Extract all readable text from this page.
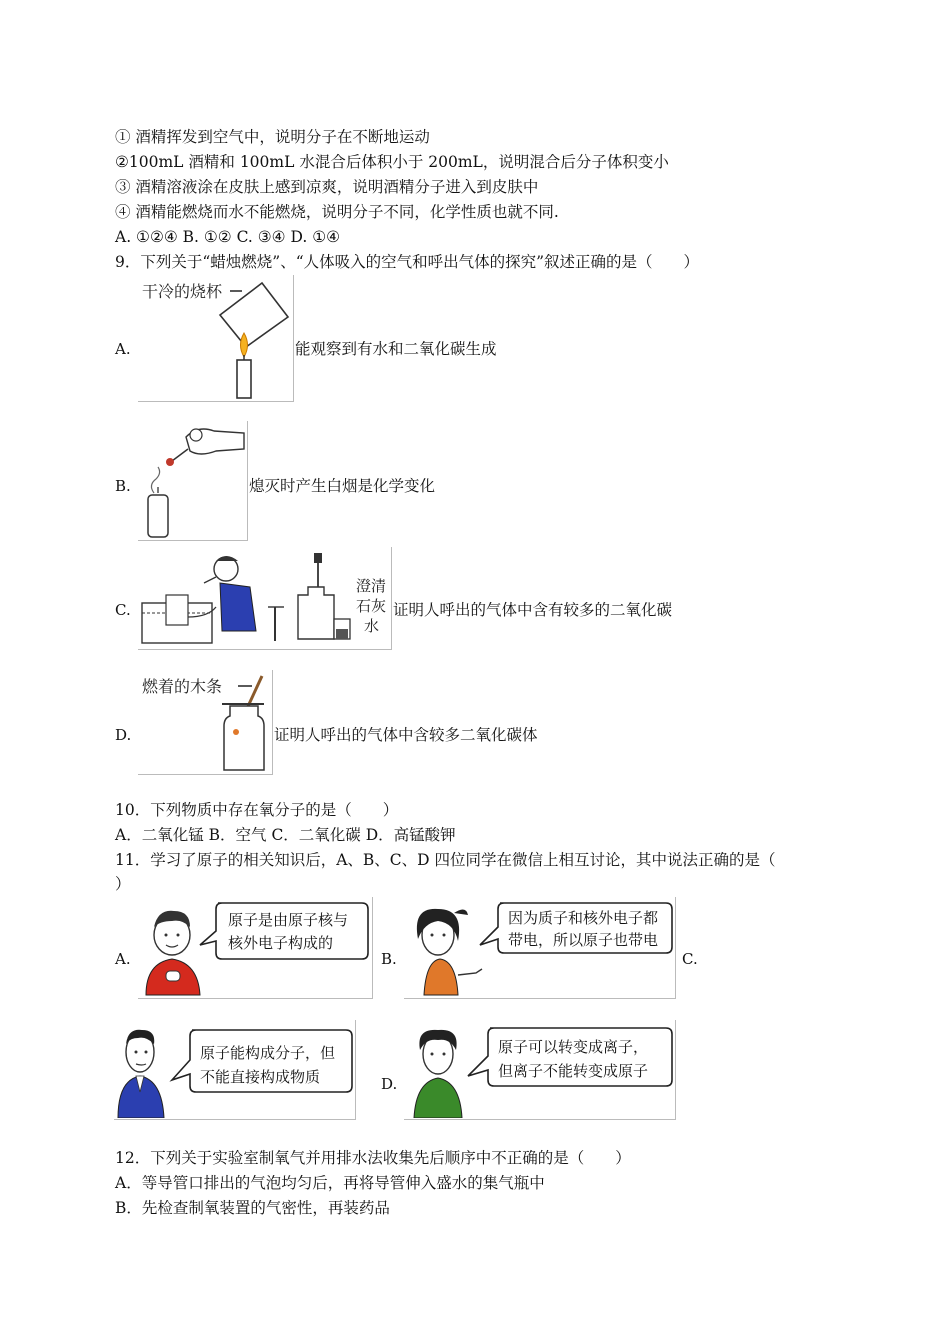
① 酒精挥发到空气中，说明分子在不断地运动
②100mL 酒精和 100mL 水混合后体积小于 200mL，说明混合后分子体积变小
③ 酒精溶液涂在皮肤上感到凉爽，说明酒精分子进入到皮肤中
④ 酒精能燃烧而水不能燃烧，说明分子不同，化学性质也就不同.
A. ①②④ B. ①② C. ③④ D. ①④
9．下列关于“蜡烛燃烧”、“人体吸入的空气和呼出气体的探究”叙述正确的是（　　）
A.
干冷的烧杯
能观察到有水和二氧化碳生成
B.	熄灭时产生白烟是化学变化
C.
澄清
石灰
水
证明人呼出的气体中含有较多的二氧化碳
D.
燃着的木条
证明人呼出的气体中含较多二氧化碳体
10．下列物质中存在氧分子的是（　　）
A．二氧化锰 B．空气 C．二氧化碳 D．高锰酸钾
11．学习了原子的相关知识后，A、B、C、D 四位同学在微信上相互讨论，其中说法正确的是（
）
A.
原子是由原子核与
核外电子构成的
B.
因为质子和核外电子都
带电，所以原子也带电
C.
原子能构成分子，但
不能直接构成物质	D.
原子可以转变成离子，
但离子不能转变成原子
12．下列关于实验室制氧气并用排水法收集先后顺序中不正确的是（　　）
A．等导管口排出的气泡均匀后，再将导管伸入盛水的集气瓶中
B．先检查制氧装置的气密性，再装药品
